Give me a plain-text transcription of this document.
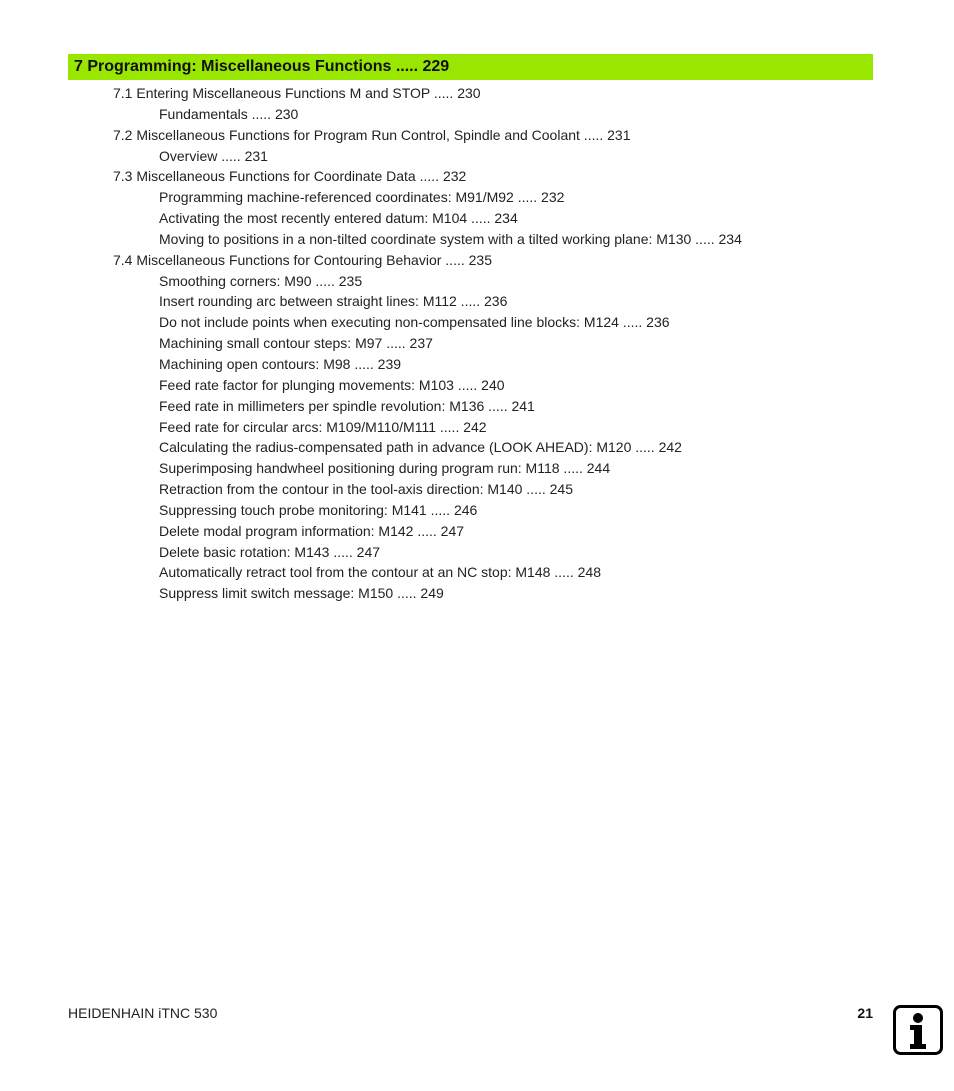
7 Programming: Miscellaneous Functions ..... 229
7.1 Entering Miscellaneous Functions M and STOP ..... 230
Fundamentals ..... 230
7.2 Miscellaneous Functions for Program Run Control, Spindle and Coolant ..... 231
Overview ..... 231
7.3 Miscellaneous Functions for Coordinate Data ..... 232
Programming machine-referenced coordinates: M91/M92 ..... 232
Activating the most recently entered datum: M104 ..... 234
Moving to positions in a non-tilted coordinate system with a tilted working plane: M130 ..... 234
7.4 Miscellaneous Functions for Contouring Behavior ..... 235
Smoothing corners: M90 ..... 235
Insert rounding arc between straight lines: M112 ..... 236
Do not include points when executing non-compensated line blocks: M124 ..... 236
Machining small contour steps: M97 ..... 237
Machining open contours: M98 ..... 239
Feed rate factor for plunging movements: M103 ..... 240
Feed rate in millimeters per spindle revolution: M136 ..... 241
Feed rate for circular arcs: M109/M110/M111 ..... 242
Calculating the radius-compensated path in advance (LOOK AHEAD): M120 ..... 242
Superimposing handwheel positioning during program run: M118 ..... 244
Retraction from the contour in the tool-axis direction: M140 ..... 245
Suppressing touch probe monitoring: M141 ..... 246
Delete modal program information: M142 ..... 247
Delete basic rotation: M143 ..... 247
Automatically retract tool from the contour at an NC stop: M148 ..... 248
Suppress limit switch message: M150 ..... 249
HEIDENHAIN iTNC 530	21
